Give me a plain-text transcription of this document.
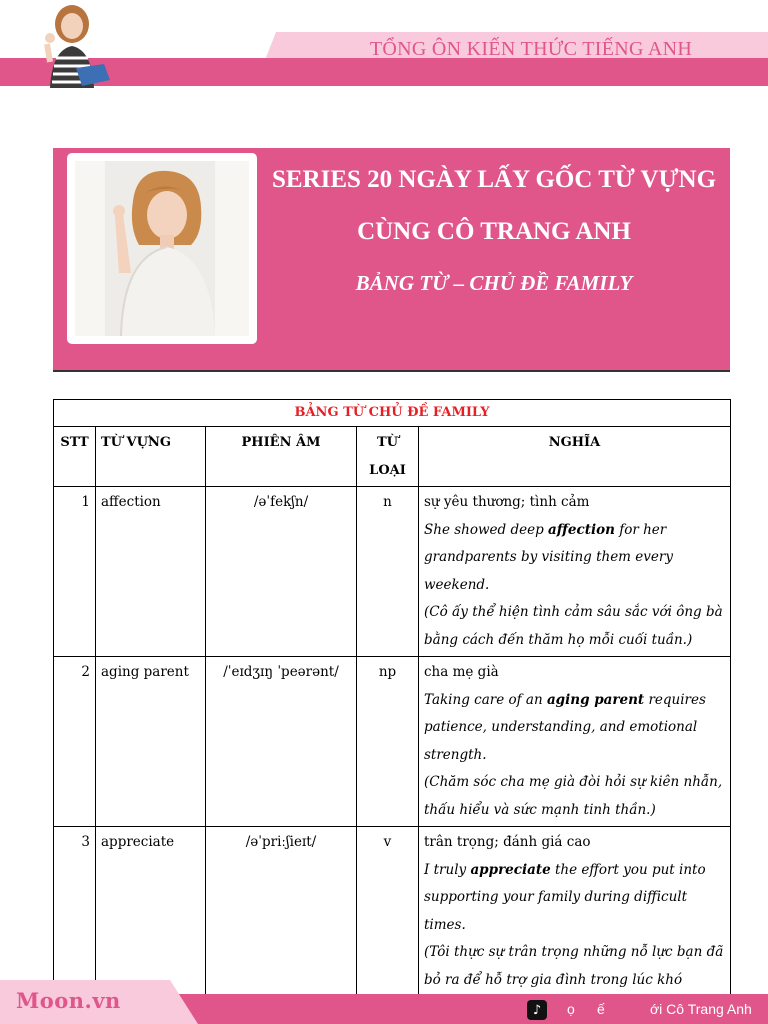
TỔNG ÔN KIẾN THỨC TIẾNG ANH
SERIES 20 NGÀY LẤY GỐC TỪ VỰNG
CÙNG CÔ TRANG ANH
BẢNG TỪ – CHỦ ĐỀ FAMILY
BẢNG TỪ CHỦ ĐỀ FAMILY				
STT	TỪ VỰNG	PHIÊN ÂM	TỪ LOẠI	NGHĨA
1	affection	/əˈfekʃn/	n	sự yêu thương; tình cảm
She showed deep affection for her grandparents by visiting them every weekend.
(Cô ấy thể hiện tình cảm sâu sắc với ông bà bằng cách đến thăm họ mỗi cuối tuần.)

2	aging parent	/ˈeɪdʒɪŋ ˈpeərənt/	np	cha mẹ già
Taking care of an aging parent requires patience, understanding, and emotional strength.
(Chăm sóc cha mẹ già đòi hỏi sự kiên nhẫn, thấu hiểu và sức mạnh tinh thần.)

3	appreciate	/əˈpriːʃieɪt/	v	trân trọng; đánh giá cao
I truly appreciate the effort you put into supporting your family during difficult times.
(Tôi thực sự trân trọng những nỗ lực bạn đã bỏ ra để hỗ trợ gia đình trong lúc khó
Moon.vn	♪	ọ ế	ới Cô Trang Anh
